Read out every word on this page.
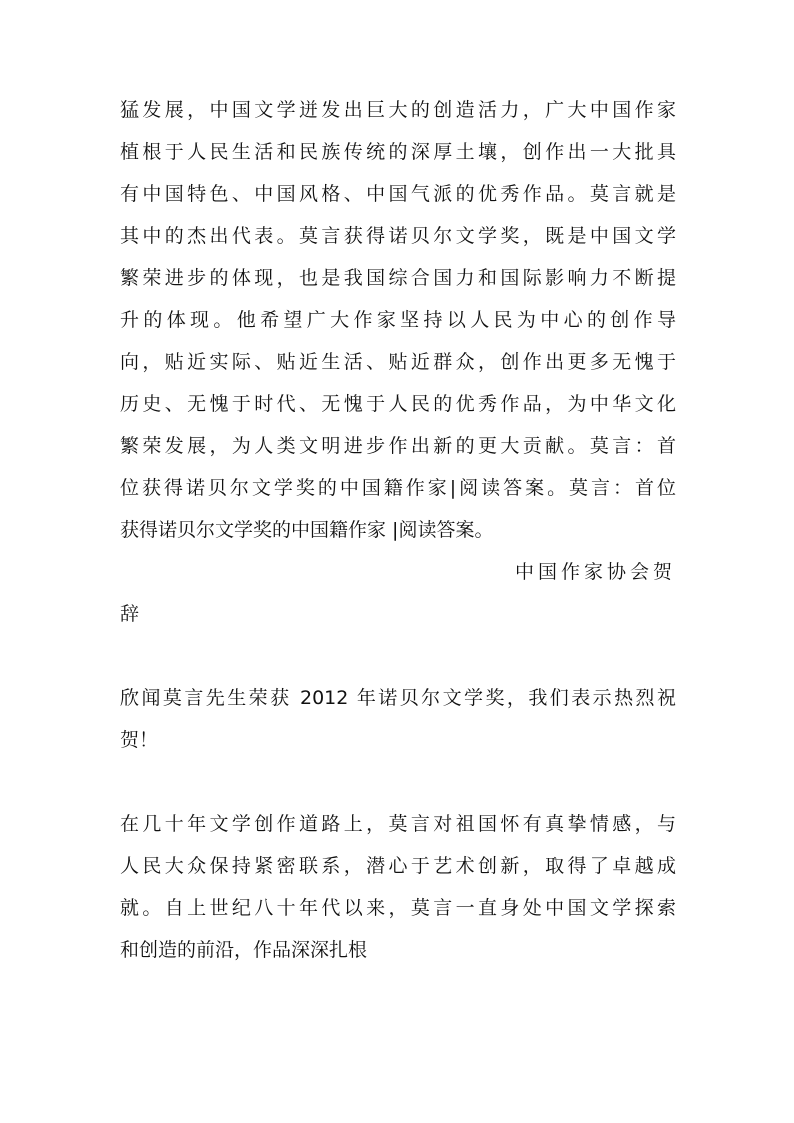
猛发展，中国文学迸发出巨大的创造活力，广大中国作家
植根于人民生活和民族传统的深厚土壤，创作出一大批具
有中国特色、中国风格、中国气派的优秀作品。莫言就是
其中的杰出代表。莫言获得诺贝尔文学奖，既是中国文学
繁荣进步的体现，也是我国综合国力和国际影响力不断提
升的体现。他希望广大作家坚持以人民为中心的创作导
向，贴近实际、贴近生活、贴近群众，创作出更多无愧于
历史、无愧于时代、无愧于人民的优秀作品，为中华文化
繁荣发展，为人类文明进步作出新的更大贡献。莫言：首
位获得诺贝尔文学奖的中国籍作家|阅读答案。莫言：首位
获得诺贝尔文学奖的中国籍作家 |阅读答案。
中国作家协会贺
辞
欣闻莫言先生荣获 2012 年诺贝尔文学奖，我们表示热烈祝
贺！
在几十年文学创作道路上，莫言对祖国怀有真挚情感，与
人民大众保持紧密联系，潜心于艺术创新，取得了卓越成
就。自上世纪八十年代以来，莫言一直身处中国文学探索
和创造的前沿，作品深深扎根
